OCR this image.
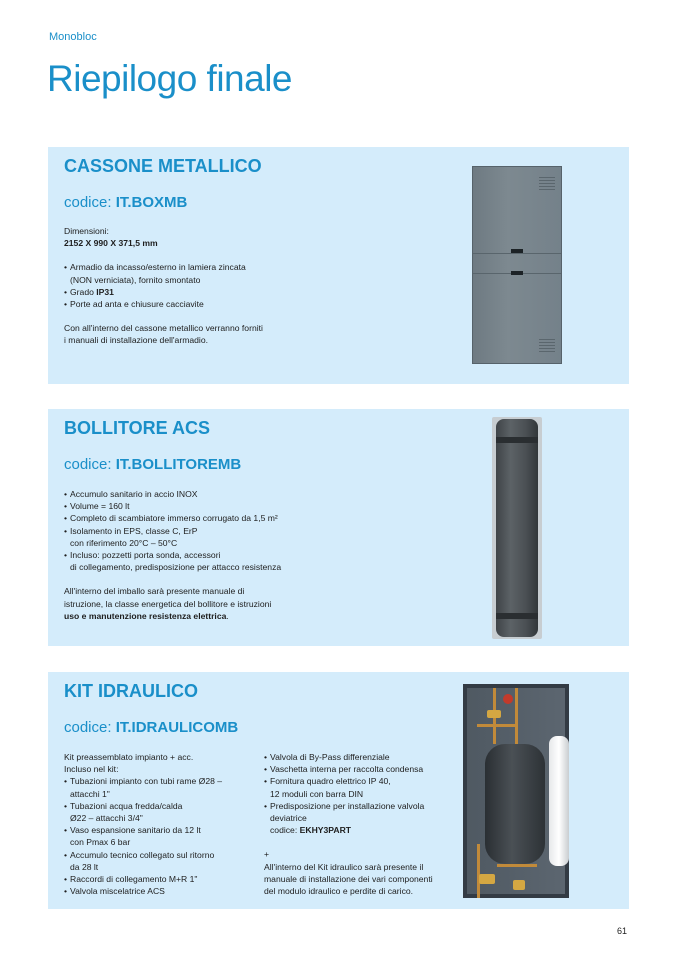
Monobloc
Riepilogo finale
CASSONE METALLICO
codice: IT.BOXMB
Dimensioni:
2152 X 990 X 371,5 mm
• Armadio da incasso/esterno in lamiera zincata
(NON verniciata), fornito smontato
• Grado IP31
• Porte ad anta e chiusure cacciavite
Con all'interno del cassone metallico verranno forniti
i manuali di installazione dell'armadio.
BOLLITORE ACS
codice: IT.BOLLITOREMB
• Accumulo sanitario in accio INOX
• Volume = 160 lt
• Completo di scambiatore immerso corrugato da 1,5 m²
• Isolamento in EPS, classe C, ErP
con riferimento 20°C – 50°C
• Incluso: pozzetti porta sonda, accessori
di collegamento, predisposizione per attacco resistenza
All'interno del imballo sarà presente manuale di
istruzione, la classe energetica del bollitore e istruzioni
uso e manutenzione resistenza elettrica.
KIT IDRAULICO
codice: IT.IDRAULICOMB
Kit preassemblato impianto + acc.
Incluso nel kit:
• Tubazioni impianto con tubi rame Ø28 –
attacchi 1"
• Tubazioni acqua fredda/calda
Ø22 – attacchi 3/4"
• Vaso espansione sanitario da 12 lt
con Pmax 6 bar
• Accumulo tecnico collegato sul ritorno
da 28 lt
• Raccordi di collegamento M+R 1"
• Valvola miscelatrice ACS
• Valvola di By-Pass differenziale
• Vaschetta interna per raccolta condensa
• Fornitura quadro elettrico IP 40,
12 moduli con barra DIN
• Predisposizione per installazione valvola
deviatrice
codice: EKHY3PART
+
All'interno del Kit idraulico sarà presente il
manuale di installazione dei vari componenti
del modulo idraulico e perdite di carico.
61
